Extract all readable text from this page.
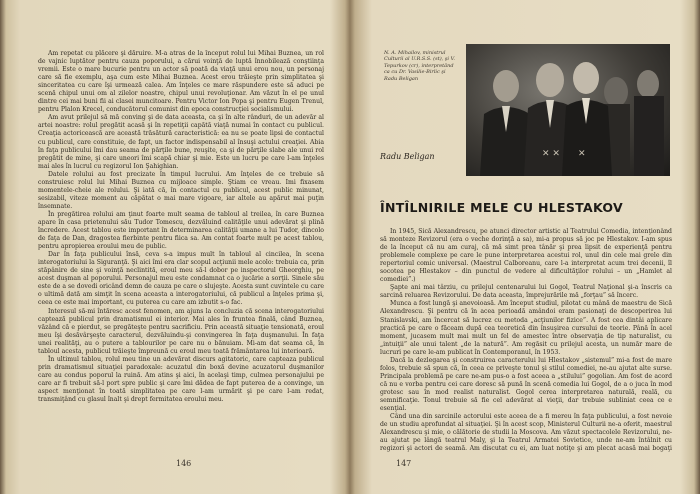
Am repetat cu plăcere şi dăruire. M-a atras de la început rolul lui Mihai Buznea, un rol de vajnic luptător pentru cauza poporului, a cărui voinţă de luptă înnobilează conştiinţa vremii. Este o mare bucurie pentru un actor să poată da viaţă unui erou nou, un personaj care să fie exemplu, aşa cum este Mihai Buznea. Acest erou trăieşte prin simplitatea şi sinceritatea cu care îşi urmează calea. Am înţeles ce mare răspundere este să aduci pe scenă chipul unui om al zilelor noastre, chipul unui revoluţionar. Am văzut în el pe unul dintre cei mai buni fii ai clasei muncitoare. Pentru Victor Ion Popa şi pentru Eugen Trenul, pentru Plalon Krecel, conducătorul comunist din epoca construcţiei socialismului.

Am avut prilejul să mă conving şi de data aceasta, ca şi în alte rânduri, de un adevăr al artei noastre: rolul pregătit acasă şi în repetiţii capătă viaţă numai în contact cu publicul. Creaţia actoricească are această trăsătură caracteristică: ea nu se poate lipsi de contactul cu publicul, care constituie, de fapt, un factor indispensabil al însuşi actului creaţiei. Abia în faţa publicului îmi dau seama de părţile bune, reuşite, ca şi de părţile slabe ale unui rol pregătit de mine, şi care uneori îmi scapă chiar şi mie. Este un lucru pe care l-am înţeles mai ales în lucrul cu regizorul Ion Şahighian.

Datele rolului au fost precizate în timpul lucrului. Am înţeles de ce trebuie să construiesc rolul lui Mihai Buznea cu mijloace simple. Ştiam ce vreau. Imi fixasem momentele-cheie ale rolului. Şi iată că, în contactul cu publicul, acest public minunat, sesizabil, viteze moment au căpătat o mai mare vigoare, iar altele au apărut mai puţin însemnate.

În pregătirea rolului am ţinut foarte mult seama de tabloul al treilea, în care Buznea apare în casa prietenului său Tudor Tomescu, dezvăluind calităţile unui adevărat şi plină încredere. Acest tablou este important în determinarea calităţii umane a lui Tudor, dincolo de faţa de Dan, dragostea fierbinte pentru fiica sa. Am contat foarte mult pe acest tablou, pentru apropierea eroului meu de public.

Dar în faţa publicului însă, ceva s-a impus mult în tabloul al cincilea, în scena interogatoriului la Siguranţă. Şi aici îmi era clar scopul acţiunii mele acolo: trebuia ca, prin stăpânire de sine şi voinţă neclintită, eroul meu să-l dobor pe inspectorul Gheorghiu, pe acest duşman al poporului. Personajul meu este condamnat ca o jucărie a sorţii. Sinele său este de a se dovedi oricând demn de cauza pe care o slujeşte. Acesta sunt cuvintele cu care o ultimă dată am simţit în scena aceasta a interogatoriului, că publicul a înţeles prima şi, ceea ce este mai important, cu puterea cu care am izbutit s-o fac.

Interesul să-mi întăresc acest fenomen, am ajuns la concluzia că scena interogatoriului captează publicul prin dramatismul ei interior. Mai ales în fruntea finală, când Buznea, văzând că e pierdut, se pregăteşte pentru sacrificiu. Prin această situaţie tensionată, eroul meu îşi desăvârşeşte caracterul, dezvăluindu-şi convingerea în faţa duşmanului. În faţa unei realităţi, au o putere a tablourilor pe care nu o bănuiam. Mi-am dat seama că, în tabloul acesta, publicul trăieşte împreună cu eroul meu toată frământarea lui interioară.

În ultimul tablou, rolul meu tine un adevărat discurs agitatoric, care capteaza publicul prin dramatismul situaţiei paradoxale: acuzatul din boxă devine acuzatorul duşmanilor care au condus poporul la ruină. Am atins şi aici, în acelaşi timp, culmea personajului pe care ar fi trebuit să-l port spre public şi care îmi dădea de fapt puterea de a convinge, un aspect menţionat în toată simplitatea pe care l-am urmărit şi pe care l-am redat, transmiţând cu glasul înalt şi drept fermitatea eroului meu.

146
N. A. Mihailov, ministrul Culturii al U.R.S.S. (st), şi V. Tepurkov (cr), interpretând ca cu Dr. Vasilie-Birlic şi Radu Beligan
Radu Beligan	✕ ✕ ✕
ÎNTÎLNIRILE MELE CU HLESTAKOV

În 1945, Sică Alexandrescu, pe atunci director artistic al Teatrului Comedia, intenţionând să monteze Revizorul (era o veche dorinţă a sa), mi-a propus să joc pe Hlestakov. I-am spus de la început că nu am curaj, că mă simt prea tânăr şi prea lipsit de experienţă pentru problemele complexe pe care le pune interpretarea acestui rol, unul din cele mai grele din repertoriul comic universal. (Maestrul Calboreanu, care l-a interpretat acum trei decenii, îl socotea pe Hlestakov – din punctul de vedere al dificultăţilor rolului – un „Hamlet al comediei”.)

Şapte ani mai târziu, cu prilejul centenarului lui Gogol, Teatrul Naţional şi-a înscris ca sarcină reluarea Revizorului. De data aceasta, împrejurările mă „forţau” să încerc.

Munca a fost lungă şi anevoioasă. Am început studiul, pilotat cu mână de maestru de Sică Alexandrescu. Şi pentru că în acea perioadă amândoi eram pasionaţi de descoperirea lui Stanislavski, am încercat să lucrez cu metoda „acţiunilor fizice”. A fost cea dintâi aplicare practică pe care o făceam după cea teoretică din însuşirea cursului de teorie. Până în acel moment, jucasem mult mai mult un fel de amestec între observaţia de tip naturalist, cu „intuiţii” ale unui talent „de la natură”. Am regăsit cu prilejul acesta, un număr mare de lucruri pe care le-am publicat în Contemporanul, în 1953.

Dacă la dezlegarea şi construirea caracterului lui Hlestakov „sistemul” mi-a fost de mare folos, trebuie să spun că, în ceea ce priveşte tonul şi stilul comediei, ne-au ajutat alte surse. Principala problemă pe care ne-am pus-o a fost aceea a „stilului” gogolian. Am fost de acord că nu e vorba pentru cei care doresc să pună în scenă comedia lui Gogol, de a o juca în mod grotesc sau în mod realist naturalist. Gogol cerea interpretarea naturală, reală, cu semnificaţie. Tonul trebuie să fie cel adevărat al vieţii, dar trebuie subliniat ceea ce e esenţial.

Când una din sarcinile actorului este aceea de a fi mereu în faţa publicului, a fost nevoie de un studiu aprofundat al situaţiei. Şi în acest scop, Ministerul Culturii ne-a oferit, maestrul Alexandrescu şi mie, o călătorie de studii la Moscova. Am văzut spectacolele Revizorului, ne-au ajutat pe lângă teatrul Maly, şi la Teatrul Armatei Sovietice, unde ne-am întâlnit cu regizori şi actori de seamă. Am discutat cu ei, am luat notiţe şi am plecat acasă mai bogaţi

147
